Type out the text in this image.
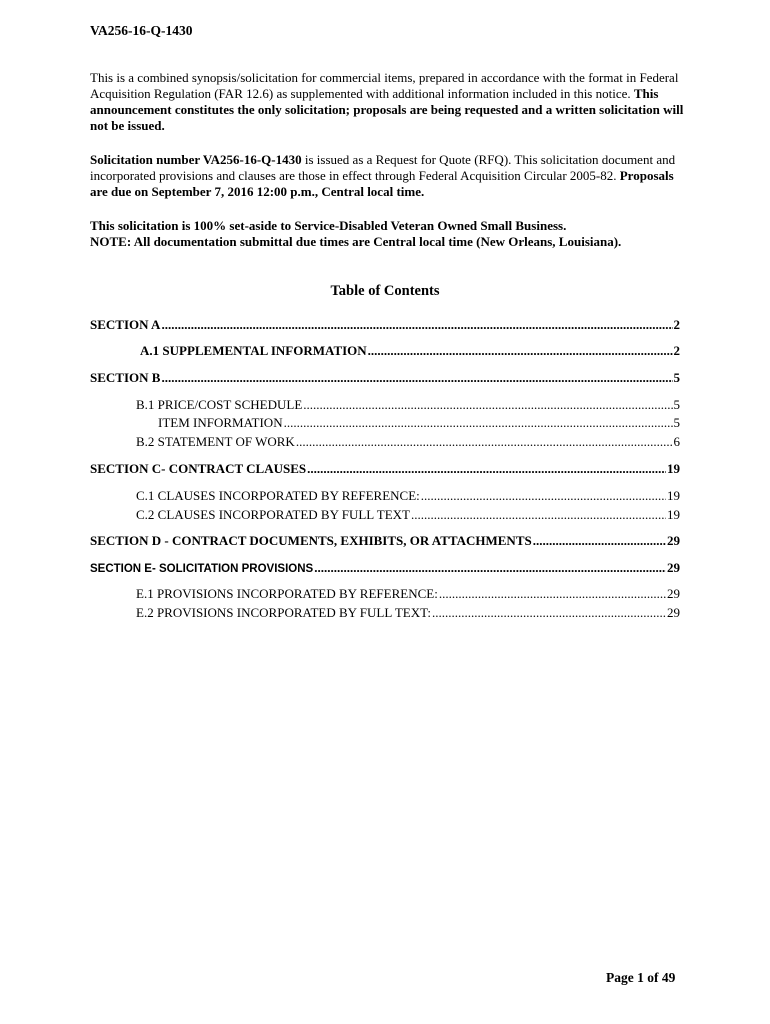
VA256-16-Q-1430
This is a combined synopsis/solicitation for commercial items, prepared in accordance with the format in Federal Acquisition Regulation (FAR 12.6) as supplemented with additional information included in this notice. This announcement constitutes the only solicitation; proposals are being requested and a written solicitation will not be issued.
Solicitation number VA256-16-Q-1430 is issued as a Request for Quote (RFQ). This solicitation document and incorporated provisions and clauses are those in effect through Federal Acquisition Circular 2005-82. Proposals are due on September 7, 2016 12:00 p.m., Central local time.
This solicitation is 100% set-aside to Service-Disabled Veteran Owned Small Business.
NOTE: All documentation submittal due times are Central local time (New Orleans, Louisiana).
Table of Contents
SECTION A .....	2
A.1 SUPPLEMENTAL INFORMATION .....	2
SECTION B .....	5
B.1 PRICE/COST SCHEDULE .....	5
ITEM INFORMATION .....	5
B.2 STATEMENT OF WORK .....	6
SECTION C- CONTRACT CLAUSES .....	19
C.1 CLAUSES INCORPORATED BY REFERENCE: .....	19
C.2 CLAUSES INCORPORATED BY FULL TEXT .....	19
SECTION D - CONTRACT DOCUMENTS, EXHIBITS, OR ATTACHMENTS .....	29
SECTION E- SOLICITATION PROVISIONS .....	29
E.1 PROVISIONS INCORPORATED BY REFERENCE: .....	29
E.2 PROVISIONS INCORPORATED BY FULL TEXT: .....	29
Page 1 of 49
